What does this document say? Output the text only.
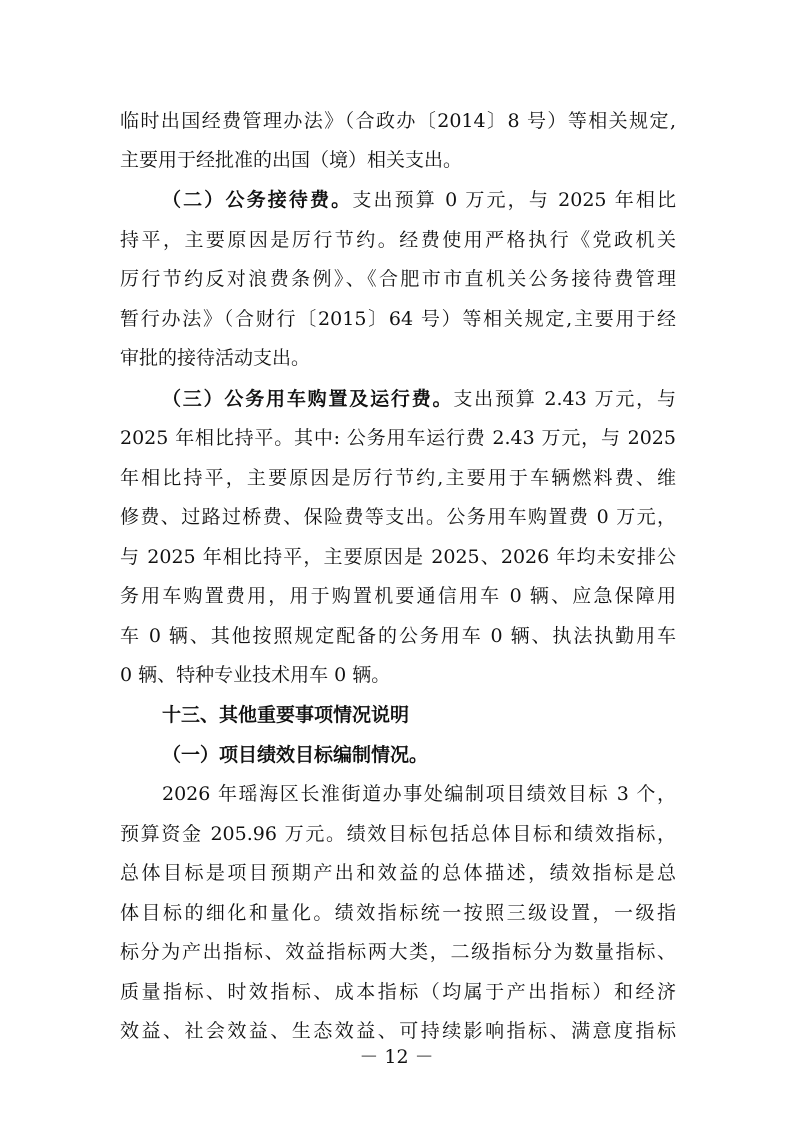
临时出国经费管理办法》（合政办〔2014〕8 号）等相关规定,
主要用于经批准的出国（境）相关支出。
（二）公务接待费。支出预算 0 万元，与 2025 年相比
持平，主要原因是厉行节约。经费使用严格执行《党政机关
厉行节约反对浪费条例》、《合肥市市直机关公务接待费管理
暂行办法》（合财行〔2015〕64 号）等相关规定,主要用于经
审批的接待活动支出。
（三）公务用车购置及运行费。支出预算 2.43 万元，与
2025 年相比持平。其中: 公务用车运行费 2.43 万元，与 2025
年相比持平，主要原因是厉行节约,主要用于车辆燃料费、维
修费、过路过桥费、保险费等支出。公务用车购置费 0 万元，
与 2025 年相比持平，主要原因是 2025、2026 年均未安排公
务用车购置费用，用于购置机要通信用车 0 辆、应急保障用
车 0 辆、其他按照规定配备的公务用车 0 辆、执法执勤用车
0 辆、特种专业技术用车 0 辆。
十三、其他重要事项情况说明
（一）项目绩效目标编制情况。
2026 年瑶海区长淮街道办事处编制项目绩效目标 3 个，
预算资金 205.96 万元。绩效目标包括总体目标和绩效指标，
总体目标是项目预期产出和效益的总体描述，绩效指标是总
体目标的细化和量化。绩效指标统一按照三级设置，一级指
标分为产出指标、效益指标两大类，二级指标分为数量指标、
质量指标、时效指标、成本指标（均属于产出指标）和经济
效益、社会效益、生态效益、可持续影响指标、满意度指标
－ 12 －
